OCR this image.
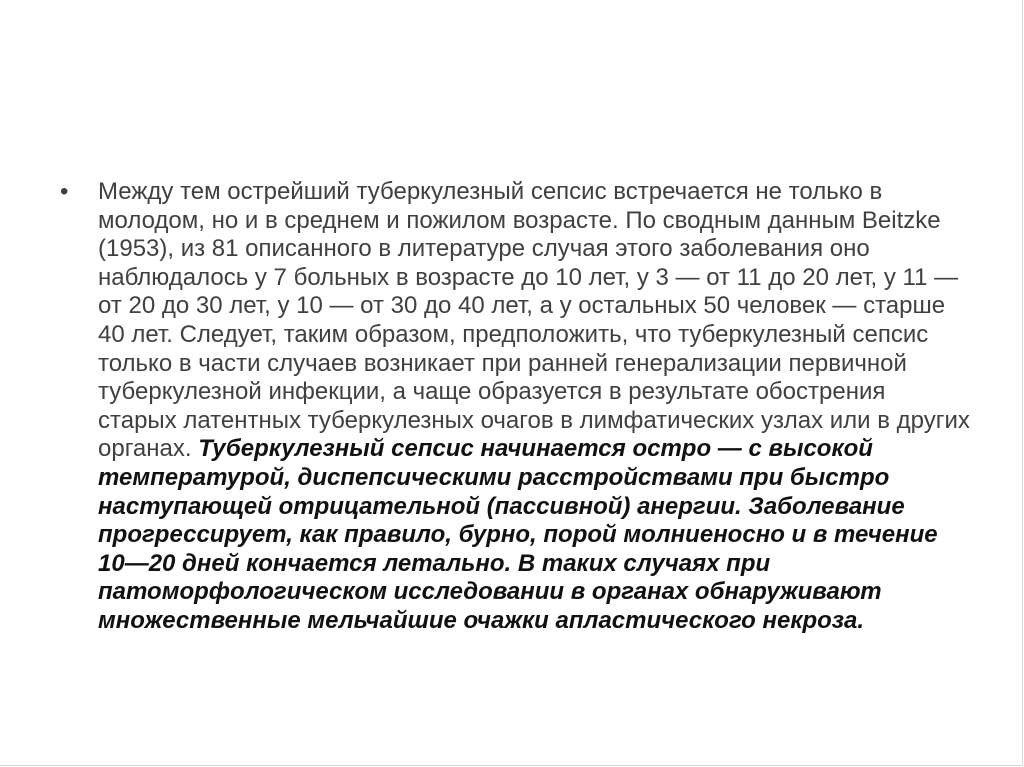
•	Между тем острейший туберкулезный сепсис встречается не только в молодом, но и в среднем и пожилом возрасте. По сводным данным Beitzke (1953), из 81 описанного в литературе случая этого заболевания оно наблюдалось у 7 больных в возрасте до 10 лет, у 3 — от 11 до 20 лет, у 11 — от 20 до 30 лет, у 10 — от 30 до 40 лет, а у остальных 50 человек — старше 40 лет. Следует, таким образом, предположить, что туберкулезный сепсис только в части случаев возникает при ранней генерализации первичной туберкулезной инфекции, а чаще образуется в результате обострения старых латентных туберкулезных очагов в лимфатических узлах или в других органах. Туберкулезный сепсис начинается остро — с высокой температурой, диспепсическими расстройствами при быстро наступающей отрицательной (пассивной) анергии. Заболевание прогрессирует, как правило, бурно, порой молниеносно и в течение 10—20 дней кончается летально. В таких случаях при патоморфологическом исследовании в органах обнаруживают множественные мельчайшие очажки апластического некроза.
